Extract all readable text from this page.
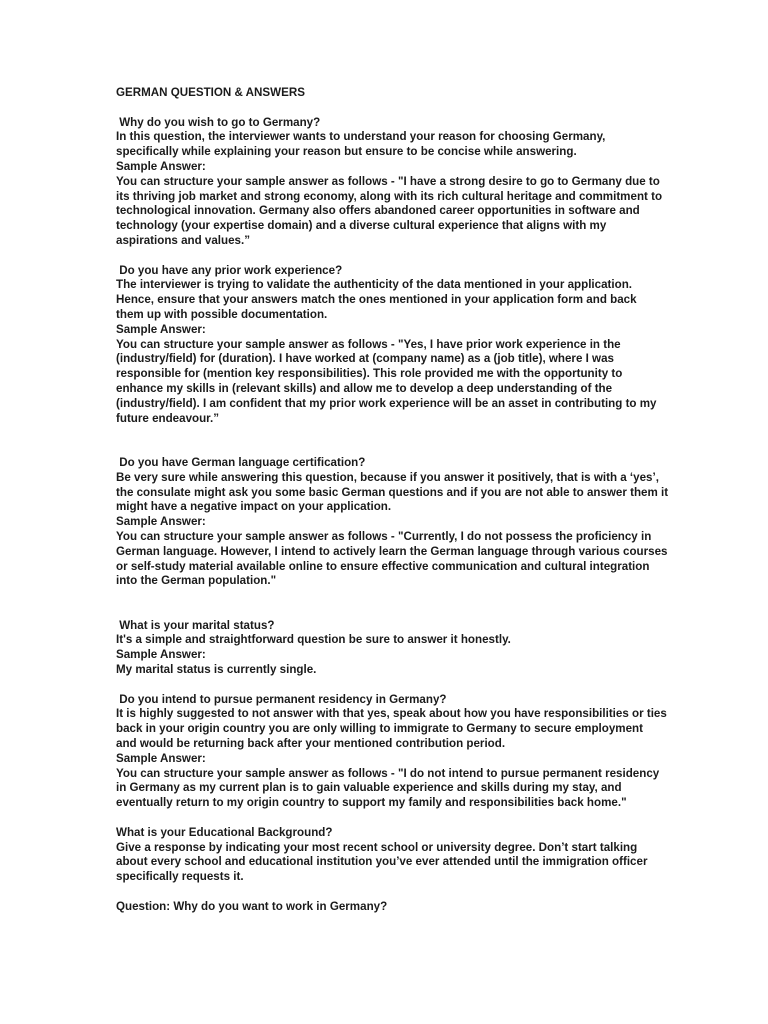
GERMAN QUESTION & ANSWERS
Why do you wish to go to Germany?
In this question, the interviewer wants to understand your reason for choosing Germany,
specifically while explaining your reason but ensure to be concise while answering.
Sample Answer:
You can structure your sample answer as follows - "I have a strong desire to go to Germany due to
its thriving job market and strong economy, along with its rich cultural heritage and commitment to
technological innovation. Germany also offers abandoned career opportunities in software and
technology (your expertise domain) and a diverse cultural experience that aligns with my
aspirations and values.”
Do you have any prior work experience?
The interviewer is trying to validate the authenticity of the data mentioned in your application.
Hence, ensure that your answers match the ones mentioned in your application form and back
them up with possible documentation.
Sample Answer:
You can structure your sample answer as follows - "Yes, I have prior work experience in the
(industry/field) for (duration). I have worked at (company name) as a (job title), where I was
responsible for (mention key responsibilities). This role provided me with the opportunity to
enhance my skills in (relevant skills) and allow me to develop a deep understanding of the
(industry/field). I am confident that my prior work experience will be an asset in contributing to my
future endeavour.”
Do you have German language certification?
Be very sure while answering this question, because if you answer it positively, that is with a ‘yes’,
the consulate might ask you some basic German questions and if you are not able to answer them it
might have a negative impact on your application.
Sample Answer:
You can structure your sample answer as follows - "Currently, I do not possess the proficiency in
German language. However, I intend to actively learn the German language through various courses
or self-study material available online to ensure effective communication and cultural integration
into the German population."
What is your marital status?
It's a simple and straightforward question be sure to answer it honestly.
Sample Answer:
My marital status is currently single.
Do you intend to pursue permanent residency in Germany?
It is highly suggested to not answer with that yes, speak about how you have responsibilities or ties
back in your origin country you are only willing to immigrate to Germany to secure employment
and would be returning back after your mentioned contribution period.
Sample Answer:
You can structure your sample answer as follows - "I do not intend to pursue permanent residency
in Germany as my current plan is to gain valuable experience and skills during my stay, and
eventually return to my origin country to support my family and responsibilities back home."
What is your Educational Background?
Give a response by indicating your most recent school or university degree. Don’t start talking
about every school and educational institution you’ve ever attended until the immigration officer
specifically requests it.
Question: Why do you want to work in Germany?
